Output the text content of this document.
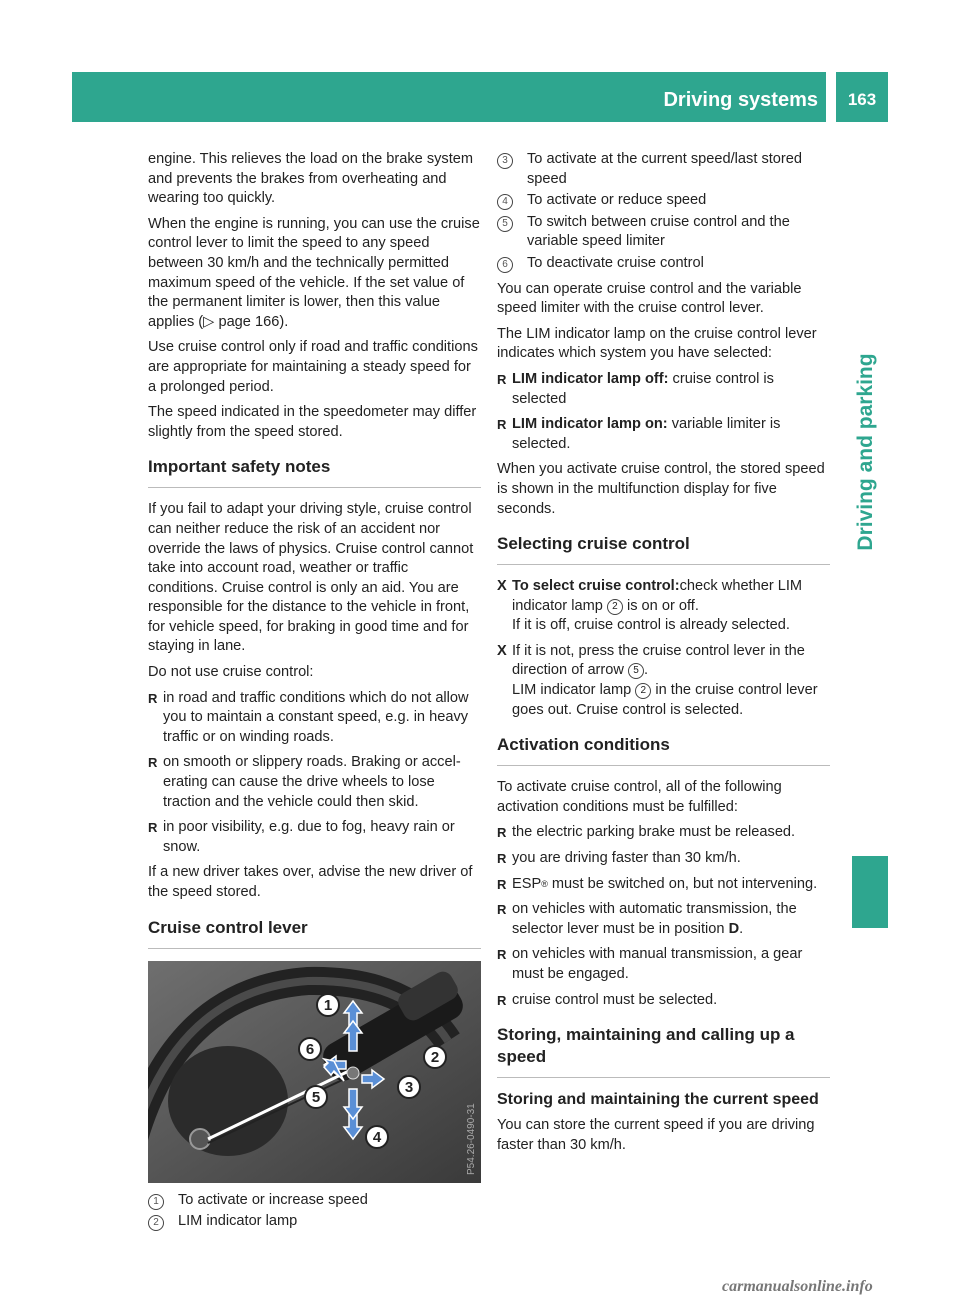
Driving systems	163
Driving and parking

engine. This relieves the load on the brake system and prevents the brakes from overheating and wearing too quickly.

When the engine is running, you can use the cruise control lever to limit the speed to any speed between 30 km/h and the technically permitted maximum speed of the vehicle. If the set value of the permanent limiter is lower, then this value applies (▷ page 166).

Use cruise control only if road and traffic conditions are appropriate for maintaining a steady speed for a prolonged period.

The speed indicated in the speedometer may differ slightly from the speed stored.

Important safety notes

If you fail to adapt your driving style, cruise control can neither reduce the risk of an accident nor override the laws of physics. Cruise control cannot take into account road, weather or traffic conditions. Cruise control is only an aid. You are responsible for the distance to the vehicle in front, for vehicle speed, for braking in good time and for staying in lane.

Do not use cruise control:

R in road and traffic conditions which do not allow you to maintain a constant speed, e.g. in heavy traffic or on winding roads.
R on smooth or slippery roads. Braking or accelerating can cause the drive wheels to lose traction and the vehicle could then skid.
R in poor visibility, e.g. due to fog, heavy rain or snow.

If a new driver takes over, advise the new driver of the speed stored.

Cruise control lever
1
2
3
4
5
6
P54.26-0490-31
1	To activate or increase speed
2	LIM indicator lamp
3	To activate at the current speed/last stored speed
4	To activate or reduce speed
5	To switch between cruise control and the variable speed limiter
6	To deactivate cruise control

You can operate cruise control and the variable speed limiter with the cruise control lever.

The LIM indicator lamp on the cruise control lever indicates which system you have selected:

R LIM indicator lamp off: cruise control is selected
R LIM indicator lamp on: variable limiter is selected.

When you activate cruise control, the stored speed is shown in the multifunction display for five seconds.

Selecting cruise control
X To select cruise control:check whether LIM indicator lamp 2 is on or off.
If it is off, cruise control is already selected.
X If it is not, press the cruise control lever in the direction of arrow 5 .
LIM indicator lamp 2 in the cruise control lever goes out. Cruise control is selected.
Activation conditions

To activate cruise control, all of the following activation conditions must be fulfilled:

R the electric parking brake must be released.
R you are driving faster than 30 km/h.
R ESP® must be switched on, but not intervening.
R on vehicles with automatic transmission, the selector lever must be in position D.
R on vehicles with manual transmission, a gear must be engaged.
R cruise control must be selected.
Storing, maintaining and calling up a speed
Storing and maintaining the current speed

You can store the current speed if you are driving faster than 30 km/h.

carmanualsonline.info
